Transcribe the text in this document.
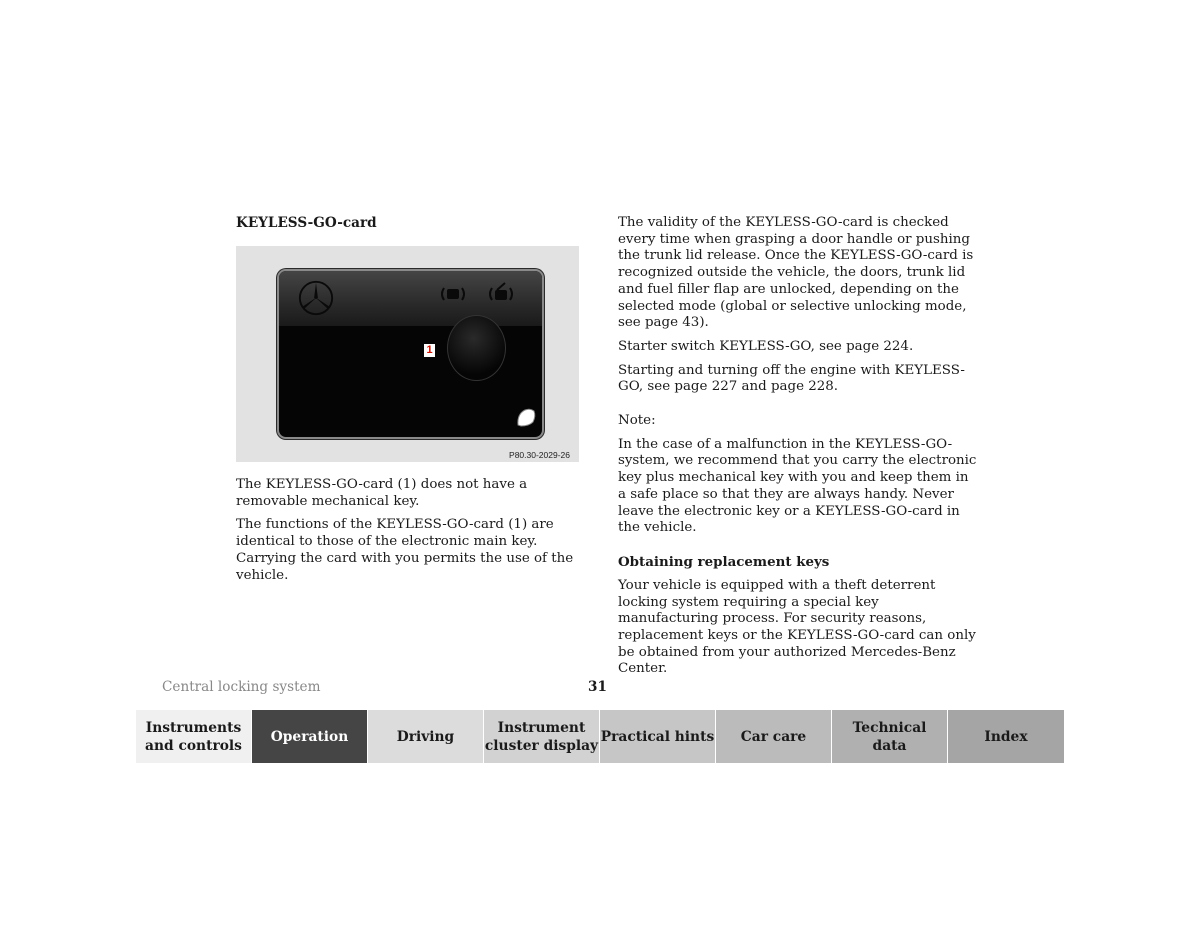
KEYLESS-GO-card
1
P80.30-2029-26

The KEYLESS-GO-card (1) does not have a removable mechanical key.

The functions of the KEYLESS-GO-card (1) are identical to those of the electronic main key. Carrying the card with you permits the use of the vehicle.

The validity of the KEYLESS-GO-card is checked every time when grasping a door handle or pushing the trunk lid release. Once the KEYLESS-GO-card is recognized outside the vehicle, the doors, trunk lid and fuel filler flap are unlocked, depending on the selected mode (global or selective unlocking mode, see page 43).

Starter switch KEYLESS-GO, see page 224.

Starting and turning off the engine with KEYLESS-GO, see page 227 and page 228.

Note:

In the case of a malfunction in the KEYLESS-GO-system, we recommend that you carry the electronic key plus mechanical key with you and keep them in a safe place so that they are always handy. Never leave the electronic key or a KEYLESS-GO-card in the vehicle.

Obtaining replacement keys

Your vehicle is equipped with a theft deterrent locking system requiring a special key manufacturing process. For security reasons, replacement keys or the KEYLESS-GO-card can only be obtained from your authorized Mercedes-Benz Center.

Central locking system	31
Instruments
and controls
Operation	Driving
Instrument
cluster display
Practical hints Car care
Technical
data
Index
